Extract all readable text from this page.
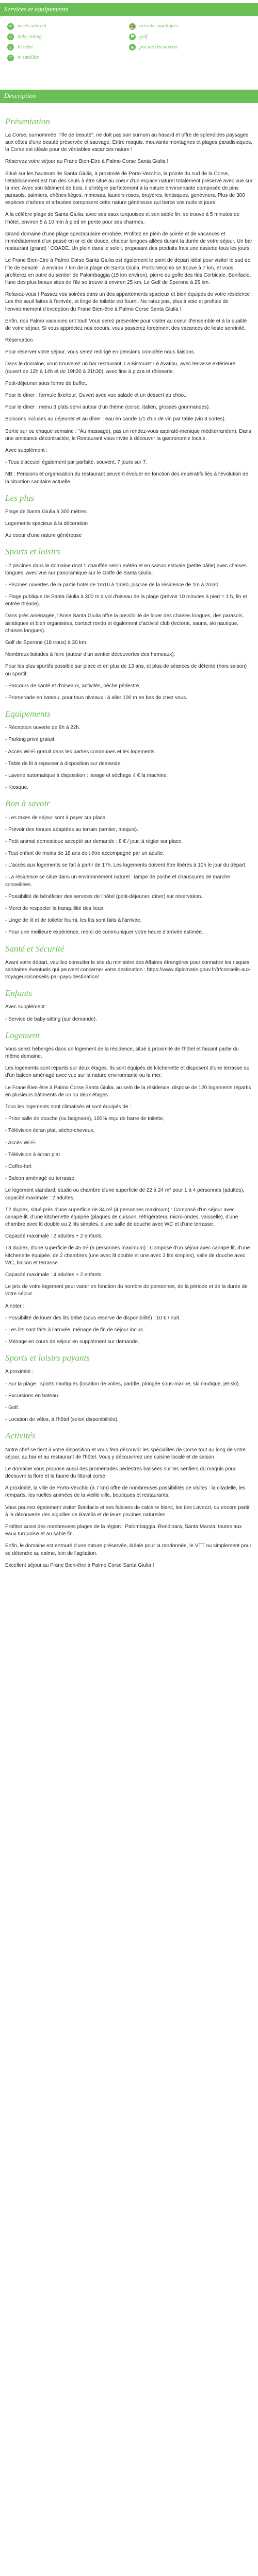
Services et equipements
≈	acces internet	⛵ activités nautiques
☺ baby sitting	⚑ golf
⌂	lit bébé	∿ piscine découverte
□	tv satellite
Description
Présentation

La Corse, surnommée "l'île de beauté", ne doit pas son surnom au hasard et offre de splendides paysages aux côtes d'une beauté préservée et sauvage. Entre maquis, mouvants montagnes et plages paradisiaques, la Corse est idéale pour de véritables vacances nature !

Réservez votre séjour au Frane Bien-Etre à Palmo Corse Santa Giulia !

Situé sur les hauteurs de Santa Giulia, à proximité de Porto-Vecchio, la pointe du sud de la Corse, l'établissement est l'un des seuls à être situé au coeur d'un espace naturel totalement préservé avec vue sur la mer. Avec son bâtiment de bois, il s'intègre parfaitement à la nature environnante composée de pins parasols, palmiers, chênes lièges, mimosas, lauriers roses, bruyères, lentisques, genévriers. Plus de 300 espèces d'arbres et arbustes composent cette nature généreuse qui berce vos nuits et jours.

A la célèbre plage de Santa Giulia, avec ses eaux turquoises et son sable fin, se trouve à 5 minutes de l'hôtel, environ 5 à 10 min à pied en pente pour ses charmes.

Grand domaine d'une plage spectaculaire enrobée. Profitez en plein de soirée et de vacances et immédiatement d'un passé en or et de douce, chaleur longues allées durant la durée de votre séjour. Un bar restaurant (grand) ' COADE. Un plein dans le soleil, proposant des produits frais une assiette tous les jours.

Le Frane Bien-Etre à Palmo Corse Santa Giulia est également le point de départ idéal pour visiter le sud de l'île de Beauté : à environ 7 km de la plage de Santa Giulia, Porto-Vecchio se trouve à 7 km, et vous profiterez en outre du sentier de Palombaggia (15 km environ), pierre du golfe des Iles Cerbicale, Bonifacio, l'une des plus beaux sites de l'île se trouve à environ 25 km. Le Golf de Sperone à 25 km.

Relaxez-vous ! Passez vos soirées dans un des appartements spacieux et bien équipés de votre résidence : Les thé seuil faites à l'arrivée, et linge de toilette est fourni. Ne ratez pas, plus à voie et profitez de l'environnement d'exception du Frane Bien-être à Palmo Corse Santa Giulia !

Enfin, nos Palmo vacances ont tout! Vous serez présentée pour visiter au coeur d'ensemble et à la qualité de votre séjour. Si vous appréciez nos coeurs, vous passerez forcément des vacances de lieste sereinité.

Réservation

Pour réserver votre séjour, vous serez redirigé en pensions complète nous liaisons.

Dans le domaine, vous trouverez un bar restaurant, La Bistouret Lé Avatibu, avec terrasse extérieure (ouvert de 12h à 14h et de 19h30 à 21h30), avec fine à pizza et rôtisserie.

Petit-déjeuner sous forme de buffet.

Pour le dîner : formule fixe/tour. Ouvert avec vue salade et un dessert au choix.

Pour le dîner : menu 3 plats servi autour d'un thème (corse, italien, grosses gourmandes).

Boissons incluses au déjeuner et au dîner : eau en carafe 1/1 d'un de vin par table (vin 3 sortes).

Sortie sur ou chaque semaine : "Au massage), pas un rendez-vous aspiraté-menique méditerranéen). Dans une ambiance décontractée, le Restaurant vous invite à découvrir la gastronomie locale.

Avec supplément :

- Tous d'accueil également par parfaite, souvent, 7 jours sur 7.

NB : Pensions et organisation du restaurant peuvent évoluer en fonction des impératifs liés à l'évolution de la situation sanitaire actuelle.

Les plus

Plage de Santa Giulia à 300 mètres

Logements spacieux à la décoration

Au coeur d'une nature généreuse

Sports et loisirs

- 2 piscines dans le domaine dont 1 chauffée selon météo et en saison estivale (petite bâtie) avec chaises longues, avec vue sur panoramique sur le Golfe de Santa Giulia.

- Piscines ouvertes de la partie hotel de 1m10 à 1m80, piscine de la résidence de 1m à 2m30

- Plage publique de Santa Giulia à 300 m à vol d'oiseau de la plage (prévoir 10 minutes à pied = 1 h, fin et entrée théorie).

Dans près aménagée, l'Anse Santa Giulia offre la possibilité de louer des chaises longues, des parasols, asiatiques et bien organisées, contact rondo et également d'activité club (lectorat, sauna, ski nautique, chaises longues).

Golf de Sperone (18 trous) à 30 km.

Nombreux balades à faire (autour d'un sentier découvertes des hameaux).

Pour les plus sportifs possible sur place et en plus de 13 ans, et plus de séances de détente (hors saison) ou sportif.

- Parcours de santé et d'oiseaux, activités, pêche pédestre.

- Promenade en bateau, pour tous niveaux : à aller 100 m en bas de chez vous.

Equipements

- Réception ouverte de 8h à 22h.

- Parking privé gratuit.

- Accès Wi-Fi gratuit dans les parties communes et les logements.

- Table de lit à repasser à disposition sur demande.

- Laverie automatique à disposition : lavage et séchage 4 € la machine.

- Kiosque.

Bon à savoir

- Les taxes de séjour sont à payer sur place.

- Prévoir des tenues adaptées au terrain (sentier, maquis).

- Petit animal domestique accepté sur demande : 8 € / jour, à régler sur place.

- Tout enfant de moins de 18 ans doit être accompagné par un adulte.

- L'accès aux logements se fait à partir de 17h. Les logements doivent être libérés à 10h le jour du départ.

- La résidence se situe dans un environnement naturel : lampe de poche et chaussures de marche conseillées.

- Possibilité de bénéficier des services de l'hôtel (petit-déjeuner, dîner) sur réservation.

- Merci de respecter la tranquillité des lieux.

- Linge de lit et de toilette fourni, les lits sont faits à l'arrivée.

- Pour une meilleure expérience, merci de communiquer votre heure d'arrivée estimée.

Santé et Sécurité

Avant votre départ, veuillez consulter le site du ministère des Affaires étrangères pour connaître les risques sanitaires éventuels qui peuvent concerner votre destination : https://www.diplomatie.gouv.fr/fr/conseils-aux-voyageurs/conseils-par-pays-destination/

Enfants

Avec supplément :

- Service de baby-sitting (sur demande).

Logement

Vous serez hébergés dans un logement de la résidence, situé à proximité de l'hôtel et faisant partie du même domaine.

Les logements sont répartis sur deux étages. Ils sont équipés de kitchenette et disposent d'une terrasse ou d'un balcon aménagé avec vue sur la nature environnante ou la mer.

Le Frane Bien-être à Palmo Corse Santa Giulia, au sein de la résidence, dispose de 120 logements répartis en plusieurs bâtiments de un ou deux étages.

Tous les logements sont climatisés et sont équipés de :

- Prise salle de douche (ou baignoire), 100% reçu de barre de toilette,

- Télévision écran plat, sèche-cheveux,

- Accès Wi-Fi

- Télévision à écran plat

- Coffre-fort

- Balcon aménagé ou terrasse.

Le logement standard, studio ou chambre d'une superficie de 22 à 24 m² pour 1 à 4 personnes (adultes), capacité maximale : 2 adultes.

T2 duplex, situé près d'une superficie de 34 m² (4 personnes maximum) : Composé d'un séjour avec canapé-lit, d'une kitchenette équipée (plaques de cuisson, réfrigérateur, micro-ondes, vaisselle), d'une chambre avec lit double ou 2 lits simples, d'une salle de douche avec WC et d'une terrasse.

Capacité maximale : 2 adultes + 2 enfants.

T3 duplex, d'une superficie de 45 m² (6 personnes maximum) : Composé d'un séjour avec canapé-lit, d'une kitchenette équipée, de 2 chambres (une avec lit double et une avec 2 lits simples), salle de douche avec WC, balcon et terrasse.

Capacité maximale : 4 adultes + 2 enfants.

Le prix de votre logement peut varier en fonction du nombre de personnes, de la période et de la durée de votre séjour.

A noter :

- Possibilité de louer des lits bébé (sous réserve de disponibilité) : 10 € / nuit.

- Les lits sont faits à l'arrivée, ménage de fin de séjour inclus.

- Ménage en cours de séjour en supplément sur demande.

Sports et loisirs payants

A proximité :

- Sur la plage : sports nautiques (location de voiles, paddle, plongée sous-marine, ski nautique, jet-ski).

- Excursions en bateau.

- Golf.

- Location de vélos, à l'hôtel (selon disponibilités).

Activités

Notre chef se tient à votre disposition et vous fera découvrir les spécialités de Corse tout au long de votre séjour, au bar et au restaurant de l'hôtel. Vous y découvrirez une cuisine locale et de saison.

Le domaine vous propose aussi des promenades pédestres balisées sur les sentiers du maquis pour découvrir la flore et la faune du littoral corse.

A proximité, la ville de Porto-Vecchio (à 7 km) offre de nombreuses possibilités de visites : la citadelle, les remparts, les ruelles animées de la vieille ville, boutiques et restaurants.

Vous pourrez également visiter Bonifacio et ses falaises de calcaire blanc, les îles Lavezzi, ou encore partir à la découverte des aiguilles de Bavella et de leurs piscines naturelles.

Profitez aussi des nombreuses plages de la région : Palombaggia, Rondinara, Santa Manza, toutes aux eaux turquoise et au sable fin.

Enfin, le domaine est entouré d'une nature préservée, idéale pour la randonnée, le VTT ou simplement pour se détendre au calme, loin de l'agitation.

Excellent séjour au Frane Bien-être à Palmo Corse Santa Giulia !
